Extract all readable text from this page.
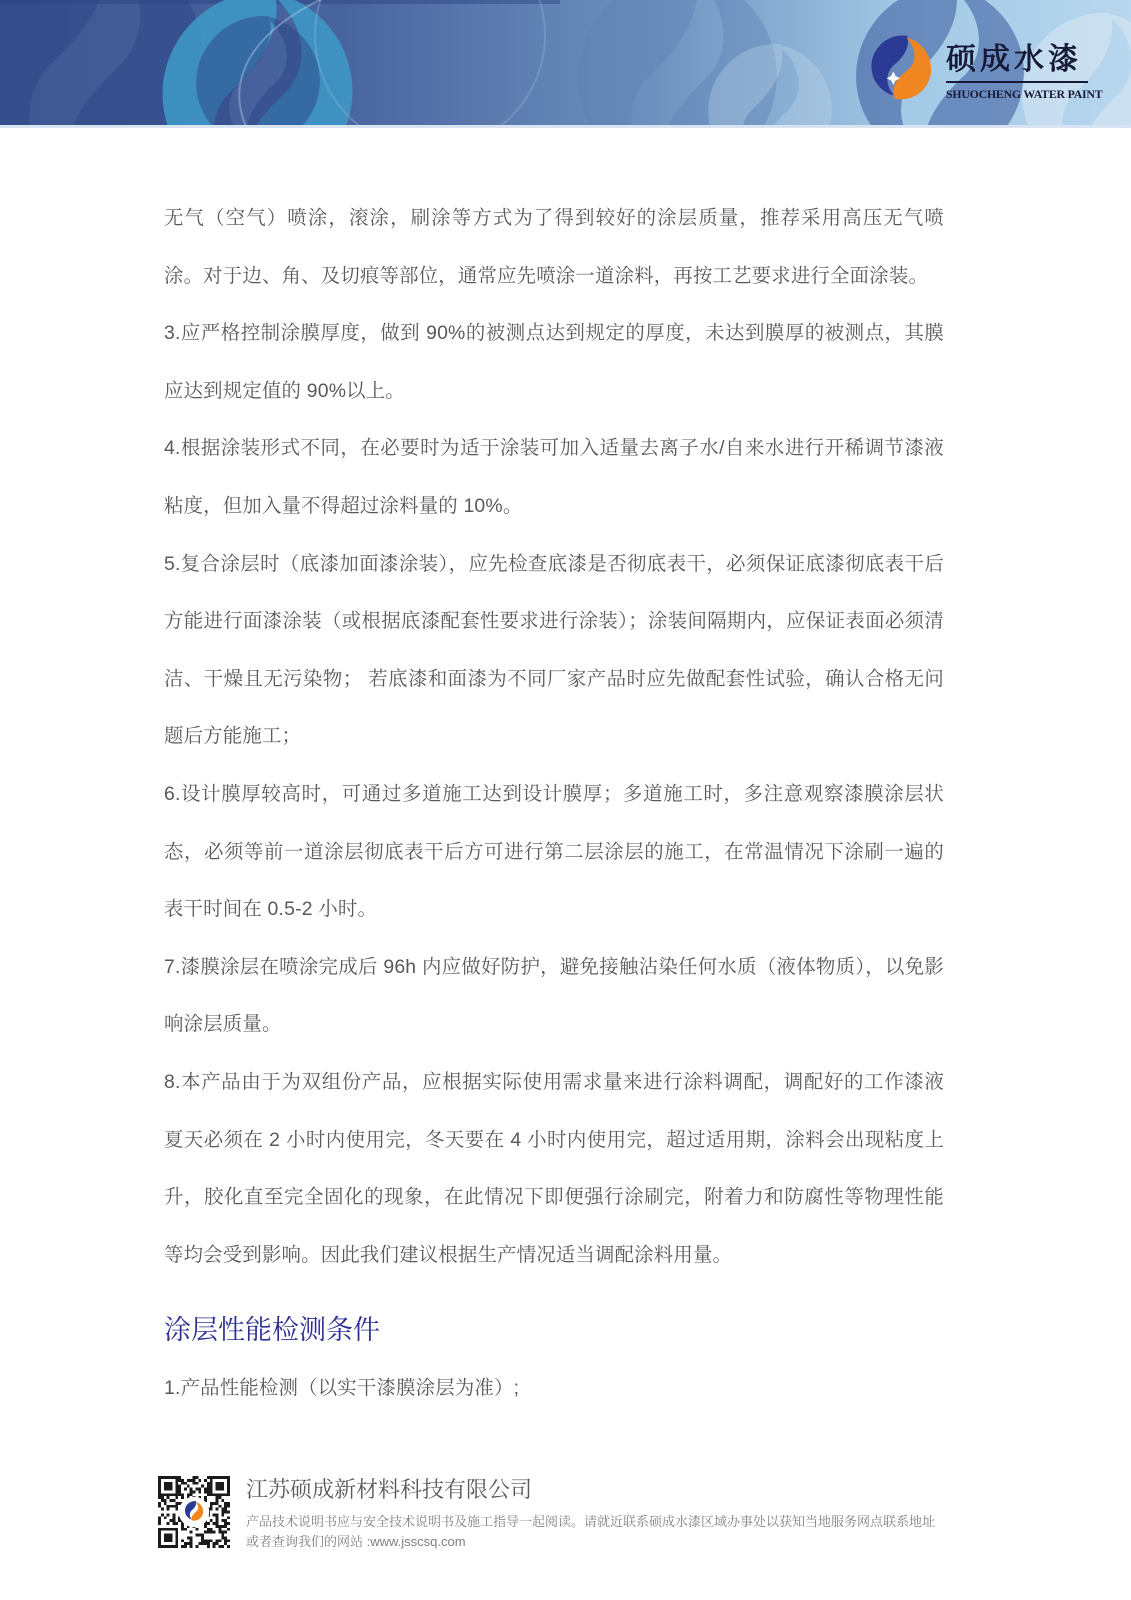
硕成水漆
SHUOCHENG WATER PAINT

无气（空气）喷涂，滚涂，刷涂等方式为了得到较好的涂层质量，推荐采用高压无气喷涂。对于边、角、及切痕等部位，通常应先喷涂一道涂料，再按工艺要求进行全面涂装。

3.应严格控制涂膜厚度，做到 90%的被测点达到规定的厚度，未达到膜厚的被测点，其膜应达到规定值的 90%以上。

4.根据涂装形式不同，在必要时为适于涂装可加入适量去离子水/自来水进行开稀调节漆液粘度，但加入量不得超过涂料量的 10%。

5.复合涂层时（底漆加面漆涂装），应先检查底漆是否彻底表干，必须保证底漆彻底表干后方能进行面漆涂装（或根据底漆配套性要求进行涂装）；涂装间隔期内，应保证表面必须清洁、干燥且无污染物； 若底漆和面漆为不同厂家产品时应先做配套性试验，确认合格无问题后方能施工；

6.设计膜厚较高时，可通过多道施工达到设计膜厚；多道施工时，多注意观察漆膜涂层状态，必须等前一道涂层彻底表干后方可进行第二层涂层的施工，在常温情况下涂刷一遍的表干时间在 0.5-2 小时。

7.漆膜涂层在喷涂完成后 96h 内应做好防护，避免接触沾染任何水质（液体物质），以免影响涂层质量。

8.本产品由于为双组份产品，应根据实际使用需求量来进行涂料调配，调配好的工作漆液夏天必须在 2 小时内使用完，冬天要在 4 小时内使用完，超过适用期，涂料会出现粘度上升，胶化直至完全固化的现象，在此情况下即便强行涂刷完，附着力和防腐性等物理性能等均会受到影响。因此我们建议根据生产情况适当调配涂料用量。

涂层性能检测条件

1.产品性能检测（以实干漆膜涂层为准）;

江苏硕成新材料科技有限公司

产品技术说明书应与安全技术说明书及施工指导一起阅读。请就近联系硕成水漆区域办事处以获知当地服务网点联系地址
或者查询我们的网站 :www.jsscsq.com
